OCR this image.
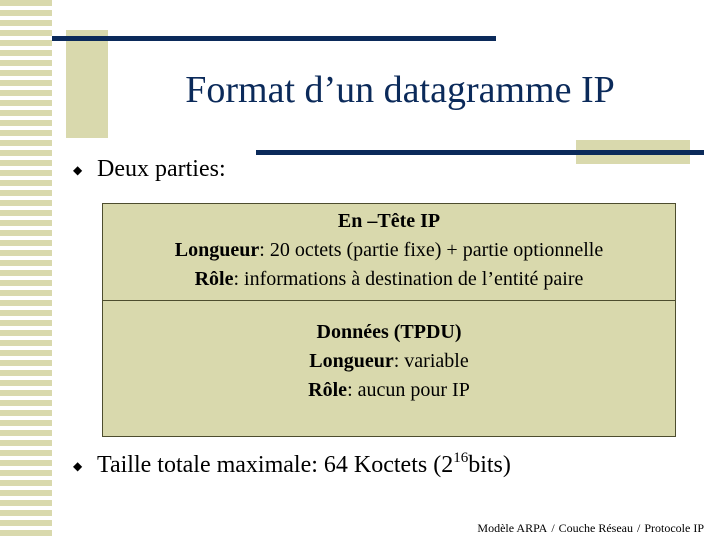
Format d’un datagramme IP
◆ Deux parties:
En –Tête IP
Longueur: 20 octets (partie fixe) + partie optionnelle
Rôle: informations à destination de l’entité paire
Données (TPDU)
Longueur: variable
Rôle: aucun pour IP
◆ Taille totale maximale: 64 Koctets $(2^{16}bits)$
Modèle ARPA / Couche Réseau / Protocole IP
